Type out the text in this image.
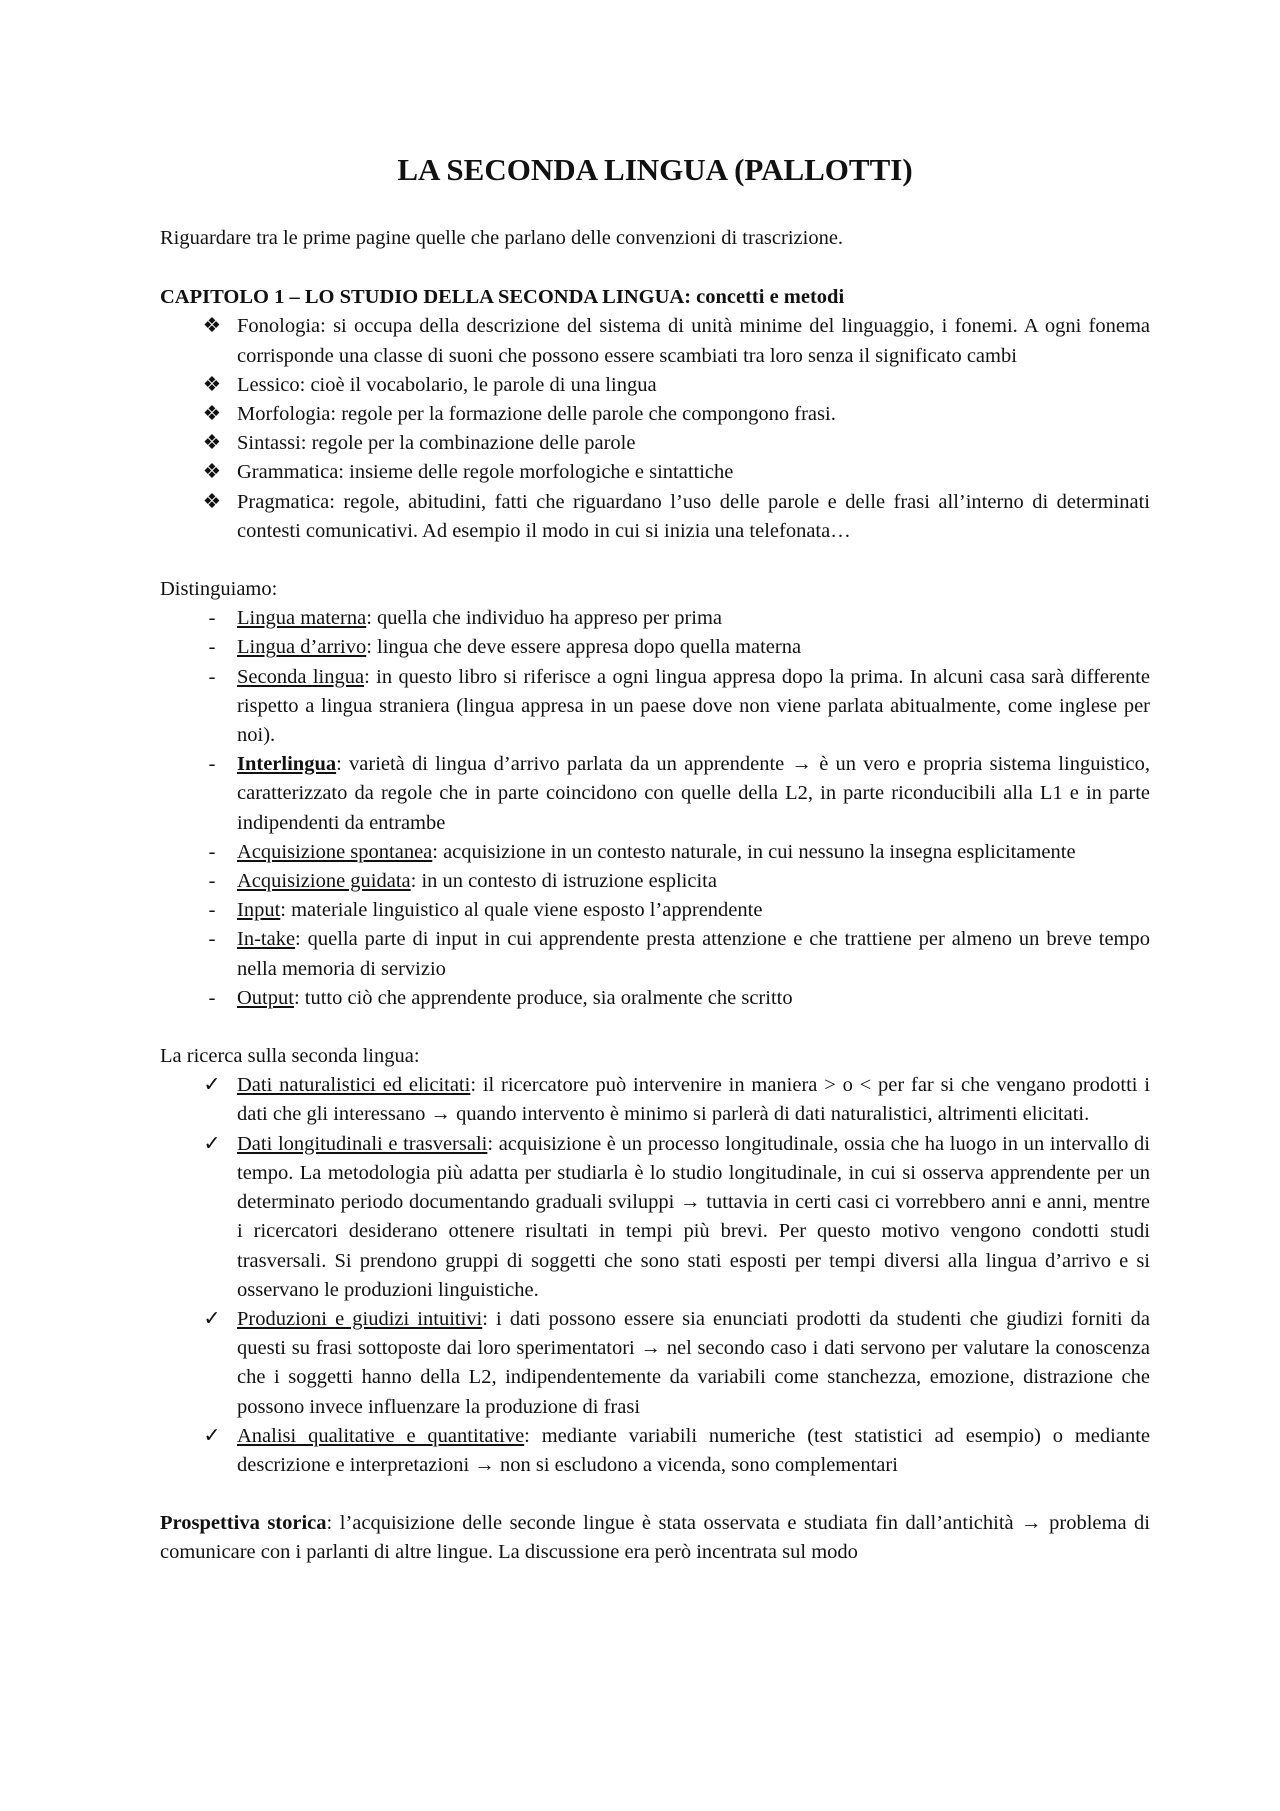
LA SECONDA LINGUA (PALLOTTI)

Riguardare tra le prime pagine quelle che parlano delle convenzioni di trascrizione.

CAPITOLO 1 – LO STUDIO DELLA SECONDA LINGUA: concetti e metodi

❖ Fonologia: si occupa della descrizione del sistema di unità minime del linguaggio, i fonemi. A ogni fonema corrisponde una classe di suoni che possono essere scambiati tra loro senza il significato cambi
❖ Lessico: cioè il vocabolario, le parole di una lingua
❖ Morfologia: regole per la formazione delle parole che compongono frasi.
❖ Sintassi: regole per la combinazione delle parole
❖ Grammatica: insieme delle regole morfologiche e sintattiche
❖ Pragmatica: regole, abitudini, fatti che riguardano l’uso delle parole e delle frasi all’interno di determinati contesti comunicativi. Ad esempio il modo in cui si inizia una telefonata…

Distinguiamo:

-	Lingua materna: quella che individuo ha appreso per prima
-	Lingua d’arrivo: lingua che deve essere appresa dopo quella materna
-	Seconda lingua: in questo libro si riferisce a ogni lingua appresa dopo la prima. In alcuni casa sarà differente rispetto a lingua straniera (lingua appresa in un paese dove non viene parlata abitualmente, come inglese per noi).
-	Interlingua: varietà di lingua d’arrivo parlata da un apprendente → è un vero e propria sistema linguistico, caratterizzato da regole che in parte coincidono con quelle della L2, in parte riconducibili alla L1 e in parte indipendenti da entrambe
-	Acquisizione spontanea: acquisizione in un contesto naturale, in cui nessuno la insegna esplicitamente
-	Acquisizione guidata: in un contesto di istruzione esplicita
-	Input: materiale linguistico al quale viene esposto l’apprendente
-	In-take: quella parte di input in cui apprendente presta attenzione e che trattiene per almeno un breve tempo nella memoria di servizio
-	Output: tutto ciò che apprendente produce, sia oralmente che scritto

La ricerca sulla seconda lingua:

✓ Dati naturalistici ed elicitati: il ricercatore può intervenire in maniera > o < per far si che vengano prodotti i dati che gli interessano → quando intervento è minimo si parlerà di dati naturalistici, altrimenti elicitati.
✓ Dati longitudinali e trasversali: acquisizione è un processo longitudinale, ossia che ha luogo in un intervallo di tempo. La metodologia più adatta per studiarla è lo studio longitudinale, in cui si osserva apprendente per un determinato periodo documentando graduali sviluppi → tuttavia in certi casi ci vorrebbero anni e anni, mentre i ricercatori desiderano ottenere risultati in tempi più brevi. Per questo motivo vengono condotti studi trasversali. Si prendono gruppi di soggetti che sono stati esposti per tempi diversi alla lingua d’arrivo e si osservano le produzioni linguistiche.
✓ Produzioni e giudizi intuitivi: i dati possono essere sia enunciati prodotti da studenti che giudizi forniti da questi su frasi sottoposte dai loro sperimentatori → nel secondo caso i dati servono per valutare la conoscenza che i soggetti hanno della L2, indipendentemente da variabili come stanchezza, emozione, distrazione che possono invece influenzare la produzione di frasi
✓ Analisi qualitative e quantitative: mediante variabili numeriche (test statistici ad esempio) o mediante descrizione e interpretazioni → non si escludono a vicenda, sono complementari

Prospettiva storica: l’acquisizione delle seconde lingue è stata osservata e studiata fin dall’antichità → problema di comunicare con i parlanti di altre lingue. La discussione era però incentrata sul modo
